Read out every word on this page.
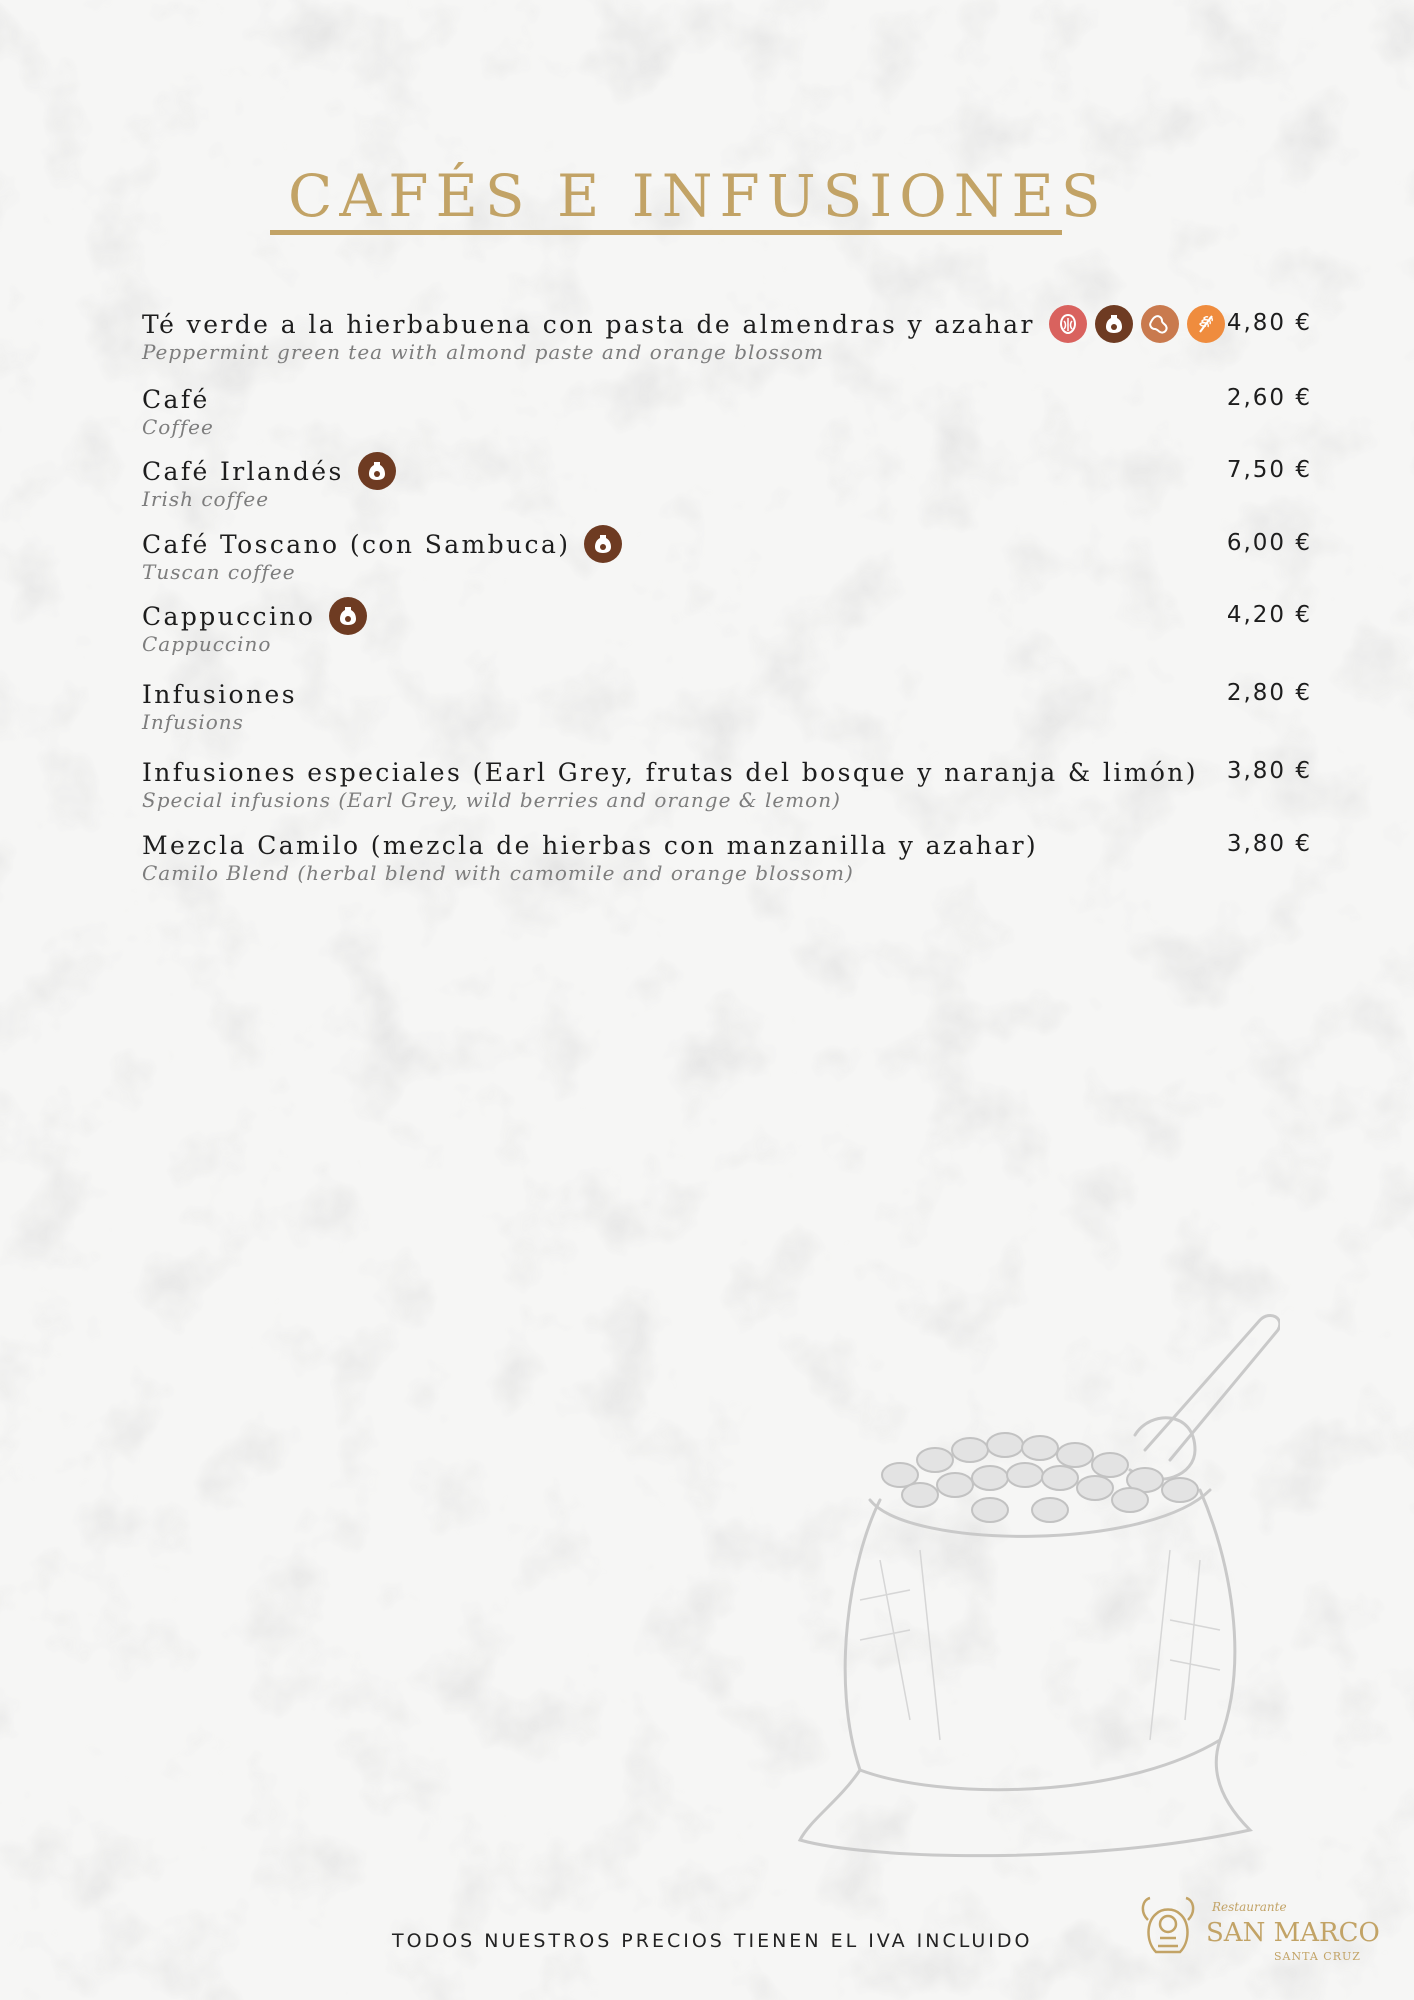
CAFÉS E INFUSIONES
Té verde a la hierbabuena con pasta de almendras y azahar
Peppermint green tea with almond paste and orange blossom
4,80 €
Café
Coffee
2,60 €
Café Irlandés
Irish coffee
7,50 €
Café Toscano (con Sambuca)
Tuscan coffee
6,00 €
Cappuccino
Cappuccino
4,20 €
Infusiones
Infusions
2,80 €
Infusiones especiales (Earl Grey, frutas del bosque y naranja & limón)
Special infusions (Earl Grey, wild berries and orange & lemon)
3,80 €
Mezcla Camilo (mezcla de hierbas con manzanilla y azahar)
Camilo Blend (herbal blend with camomile and orange blossom)
3,80 €
TODOS NUESTROS PRECIOS TIENEN EL IVA INCLUIDO
Restaurante
SAN MARCO
SANTA CRUZ
